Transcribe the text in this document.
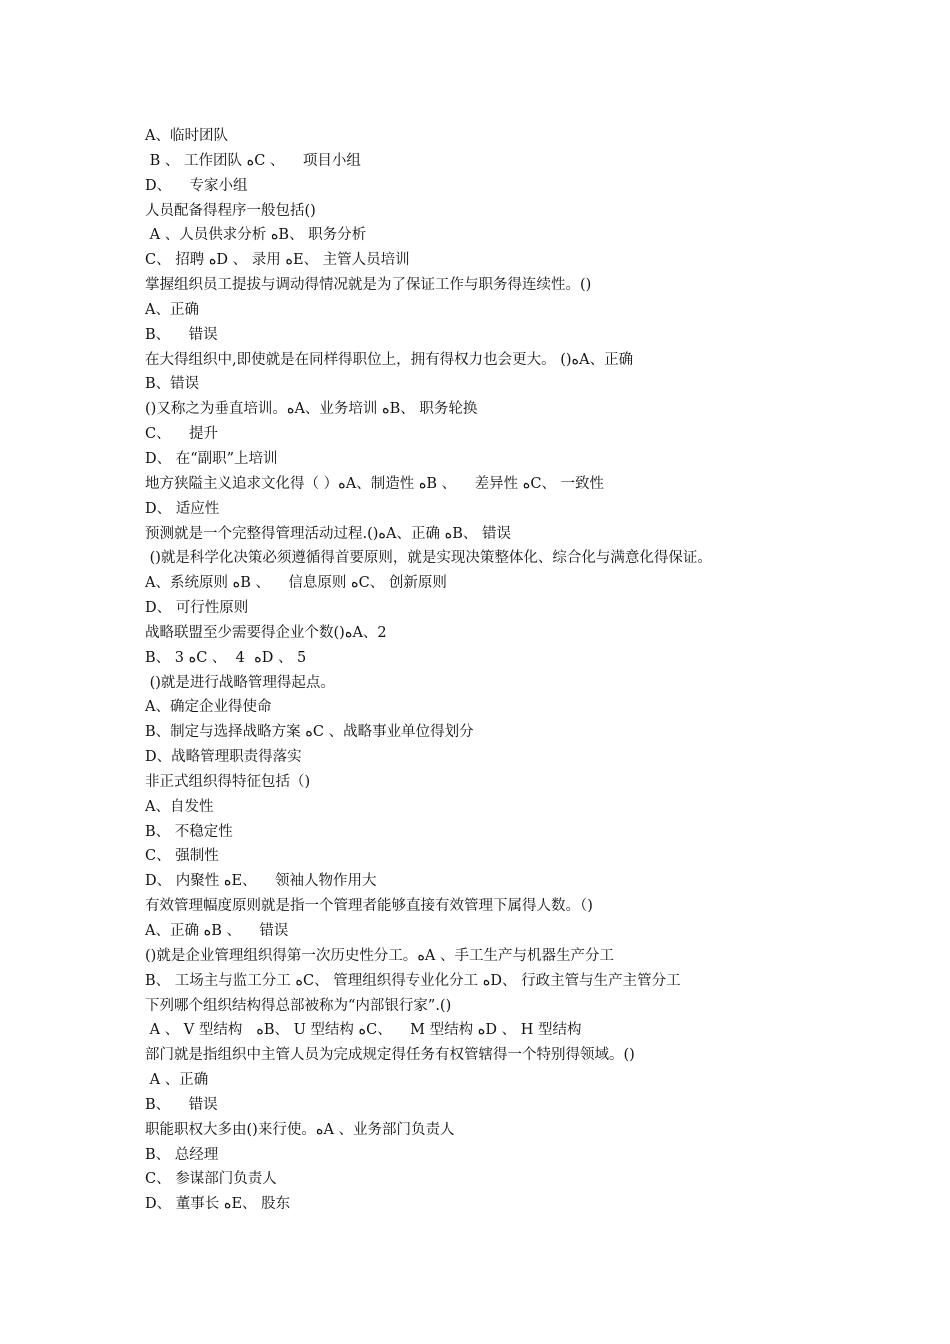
A、临时团队
B 、 工作团队 ﻩC 、    项目小组
D、    专家小组
人员配备得程序一般包括()
A 、人员供求分析 ﻩB、 职务分析
C、 招聘 ﻩD 、 录用 ﻩE、 主管人员培训
掌握组织员工提拔与调动得情况就是为了保证工作与职务得连续性。()
A、正确
B、    错误
在大得组织中,即使就是在同样得职位上，拥有得权力也会更大。 ()ﻩA、正确
B、错误
()又称之为垂直培训。ﻩA、业务培训 ﻩB、 职务轮换
C、    提升
D、 在“副职”上培训
地方狭隘主义追求文化得（ ）ﻩA、制造性 ﻩB 、    差异性 ﻩC、 一致性
D、 适应性
预测就是一个完整得管理活动过程.()ﻩA、正确 ﻩB、 错误
()就是科学化决策必须遵循得首要原则，就是实现决策整体化、综合化与满意化得保证。
A、系统原则 ﻩB 、    信息原则 ﻩC、 创新原则
D、 可行性原则
战略联盟至少需要得企业个数()ﻩA、2
B、 3 ﻩC 、  4  ﻩD 、 5
()就是进行战略管理得起点。
A、确定企业得使命
B、制定与选择战略方案 ﻩC 、战略事业单位得划分
D、战略管理职责得落实
非正式组织得特征包括（)
A、自发性
B、 不稳定性
C、 强制性
D、 内聚性 ﻩE、    领袖人物作用大
有效管理幅度原则就是指一个管理者能够直接有效管理下属得人数。（)
A、正确 ﻩB 、    错误
()就是企业管理组织得第一次历史性分工。ﻩA 、手工生产与机器生产分工
B、 工场主与监工分工 ﻩC、 管理组织得专业化分工 ﻩD、 行政主管与生产主管分工
下列哪个组织结构得总部被称为“内部银行家”.()
A 、 V 型结构   ﻩB、 U 型结构 ﻩC、    M 型结构 ﻩD 、 H 型结构
部门就是指组织中主管人员为完成规定得任务有权管辖得一个特别得领域。()
A 、正确
B、    错误
职能职权大多由()来行使。ﻩA 、业务部门负责人
B、 总经理
C、 参谋部门负责人
D、 董事长 ﻩE、 股东
